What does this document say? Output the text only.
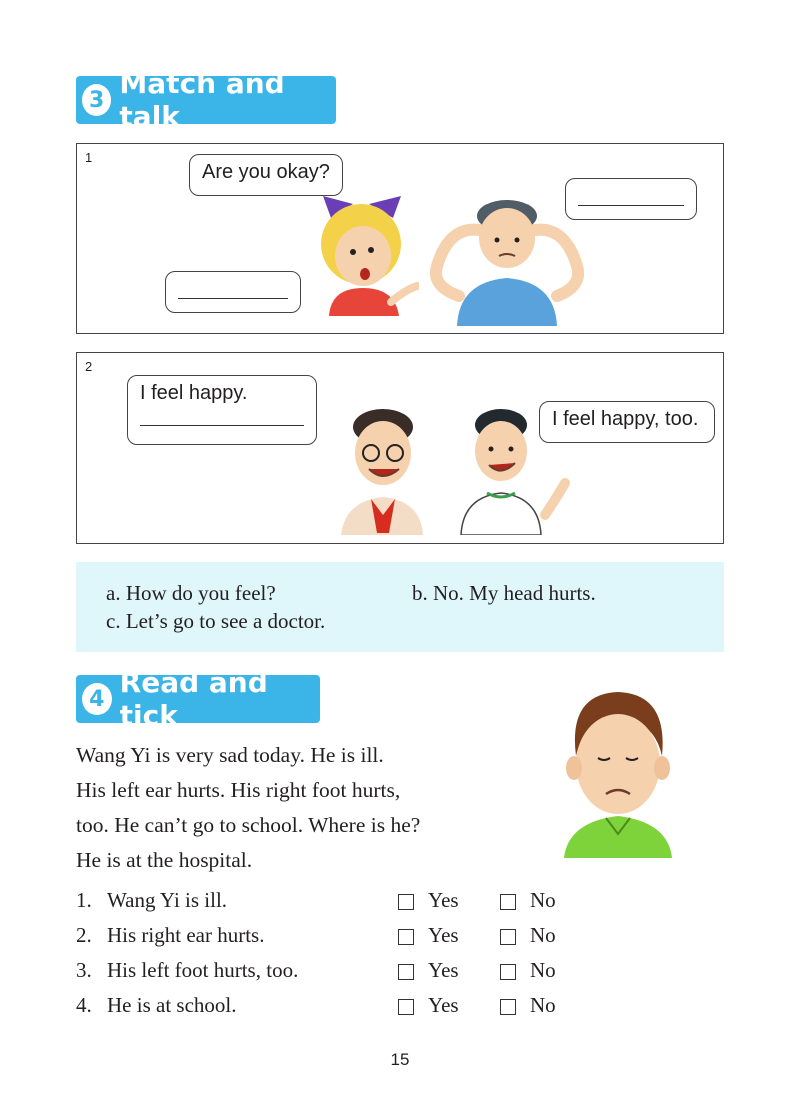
3 Match and talk
1
Are you okay?
2
I feel happy.
I feel happy, too.
a. How do you feel?	b. No. My head hurts.
c. Let’s go to see a doctor.
4 Read and tick

Wang Yi is very sad today. He is ill.

His left ear hurts. His right foot hurts,

too. He can’t go to school. Where is he?

He is at the hospital.

1. Wang Yi is ill.	Yes	No
2. His right ear hurts.	Yes	No
3. His left foot hurts, too.	Yes	No
4. He is at school.	Yes	No
15
